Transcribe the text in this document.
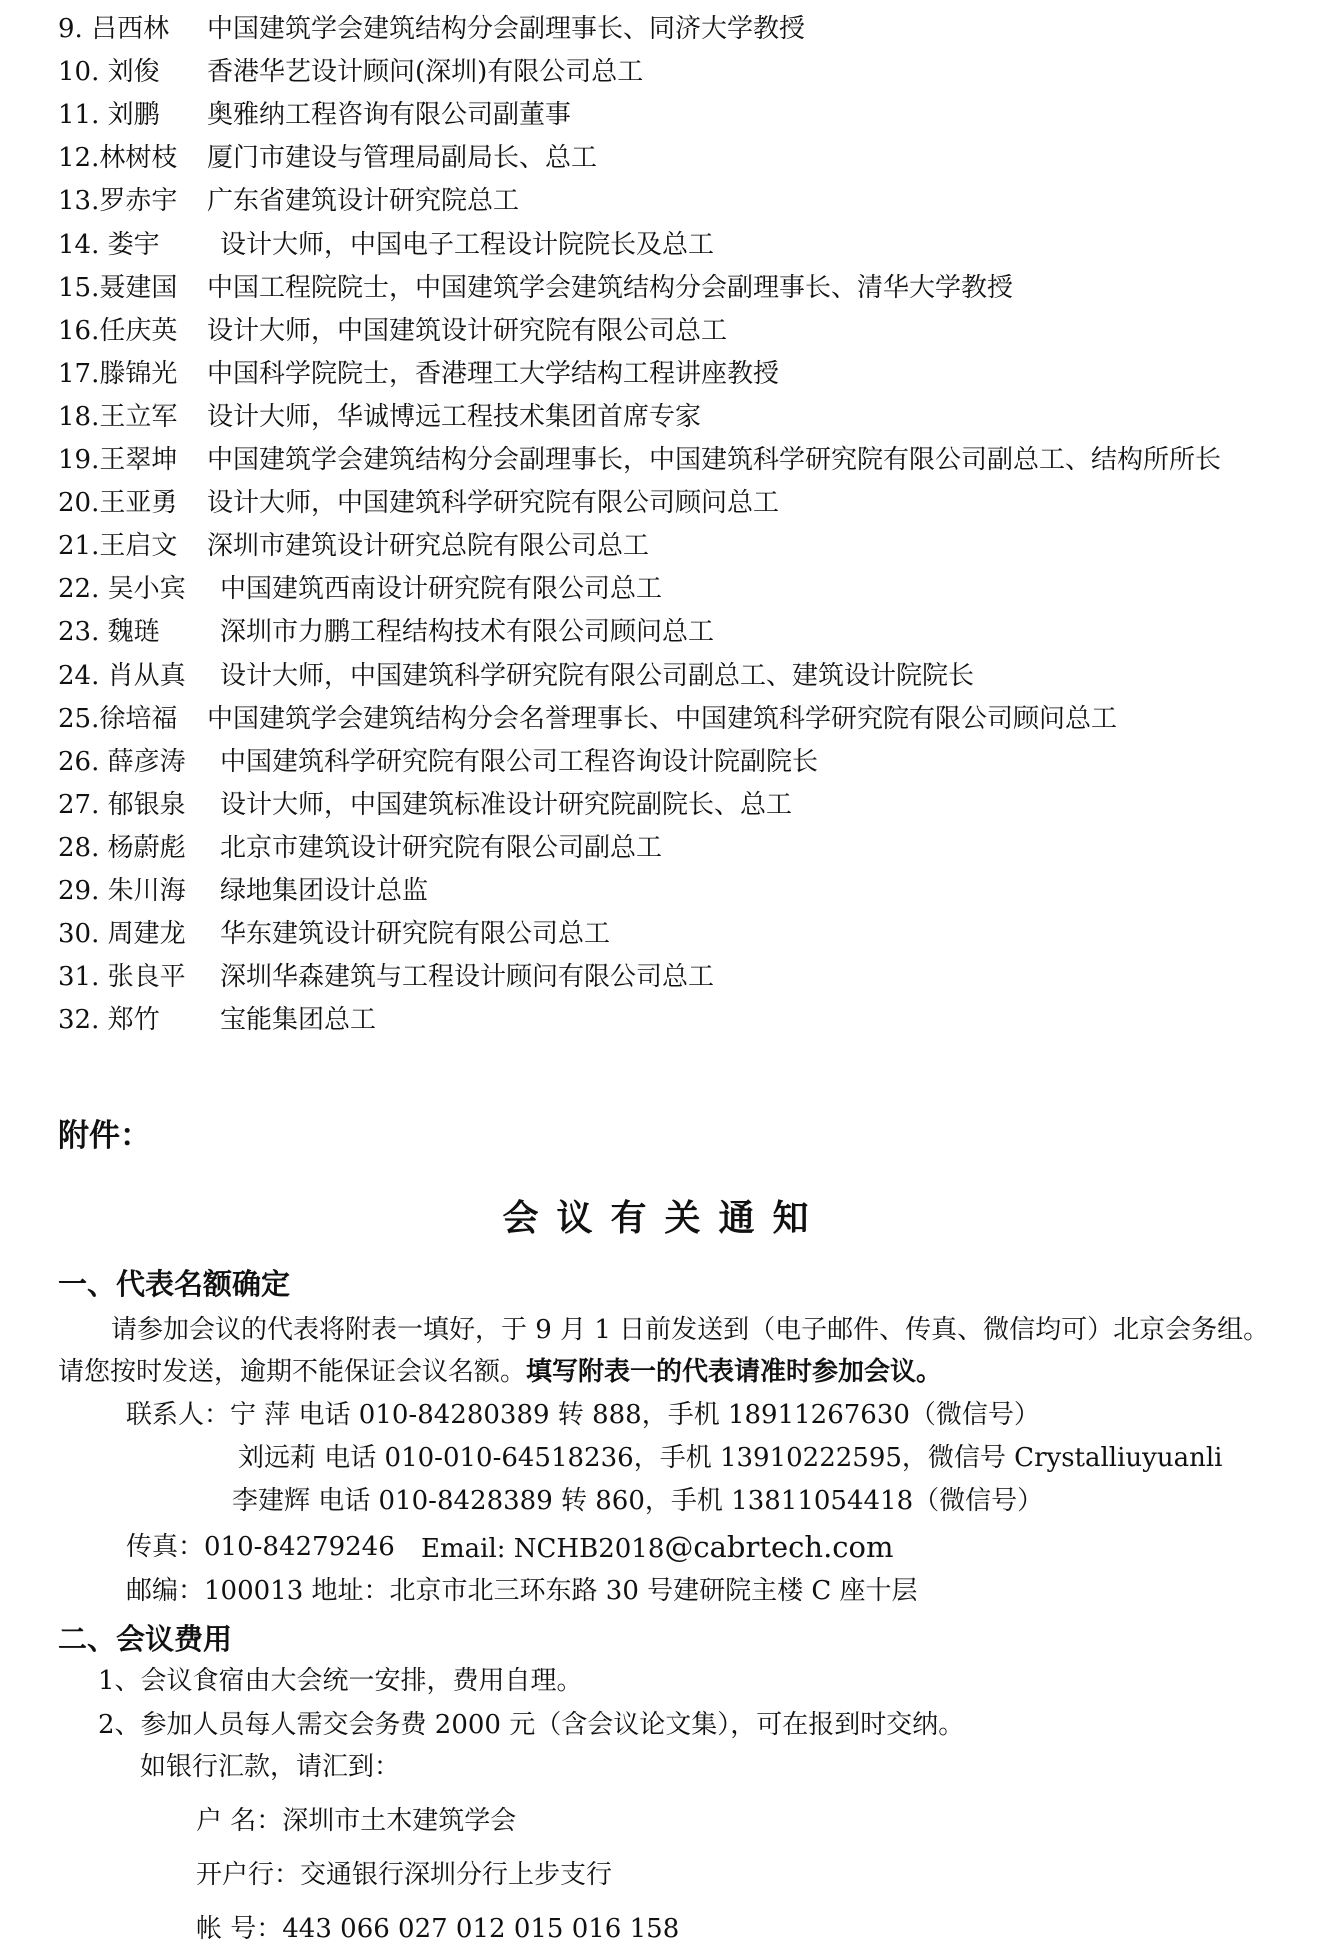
9. 吕西林 中国建筑学会建筑结构分会副理事长、同济大学教授
10. 刘俊 香港华艺设计顾问(深圳)有限公司总工
11. 刘鹏 奥雅纳工程咨询有限公司副董事
12.林树枝 厦门市建设与管理局副局长、总工
13.罗赤宇 广东省建筑设计研究院总工
14. 娄宇 设计大师，中国电子工程设计院院长及总工
15.聂建国 中国工程院院士，中国建筑学会建筑结构分会副理事长、清华大学教授
16.任庆英 设计大师，中国建筑设计研究院有限公司总工
17.滕锦光 中国科学院院士，香港理工大学结构工程讲座教授
18.王立军 设计大师，华诚博远工程技术集团首席专家
19.王翠坤 中国建筑学会建筑结构分会副理事长，中国建筑科学研究院有限公司副总工、结构所所长
20.王亚勇 设计大师，中国建筑科学研究院有限公司顾问总工
21.王启文 深圳市建筑设计研究总院有限公司总工
22. 吴小宾 中国建筑西南设计研究院有限公司总工
23. 魏琏 深圳市力鹏工程结构技术有限公司顾问总工
24. 肖从真 设计大师，中国建筑科学研究院有限公司副总工、建筑设计院院长
25.徐培福 中国建筑学会建筑结构分会名誉理事长、中国建筑科学研究院有限公司顾问总工
26. 薛彦涛 中国建筑科学研究院有限公司工程咨询设计院副院长
27. 郁银泉 设计大师，中国建筑标准设计研究院副院长、总工
28. 杨蔚彪 北京市建筑设计研究院有限公司副总工
29. 朱川海 绿地集团设计总监
30. 周建龙 华东建筑设计研究院有限公司总工
31. 张良平 深圳华森建筑与工程设计顾问有限公司总工
32. 郑竹 宝能集团总工
附件：
会议有关通知
一、代表名额确定
请参加会议的代表将附表一填好，于 9 月 1 日前发送到（电子邮件、传真、微信均可）北京会务组。
请您按时发送，逾期不能保证会议名额。填写附表一的代表请准时参加会议。
联系人：宁 萍 电话 010-84280389 转 888，手机 18911267630（微信号）
刘远莉 电话 010-010-64518236，手机 13910222595，微信号 Crystalliuyuanli
李建辉 电话 010-8428389 转 860，手机 13811054418（微信号）
传真：010-84279246 Email: NCHB2018@cabrtech.com
邮编：100013 地址：北京市北三环东路 30 号建研院主楼 C 座十层
二、会议费用
1、会议食宿由大会统一安排，费用自理。
2、参加人员每人需交会务费 2000 元（含会议论文集），可在报到时交纳。
如银行汇款，请汇到：
户 名：深圳市土木建筑学会
开户行：交通银行深圳分行上步支行
帐 号：443 066 027 012 015 016 158
